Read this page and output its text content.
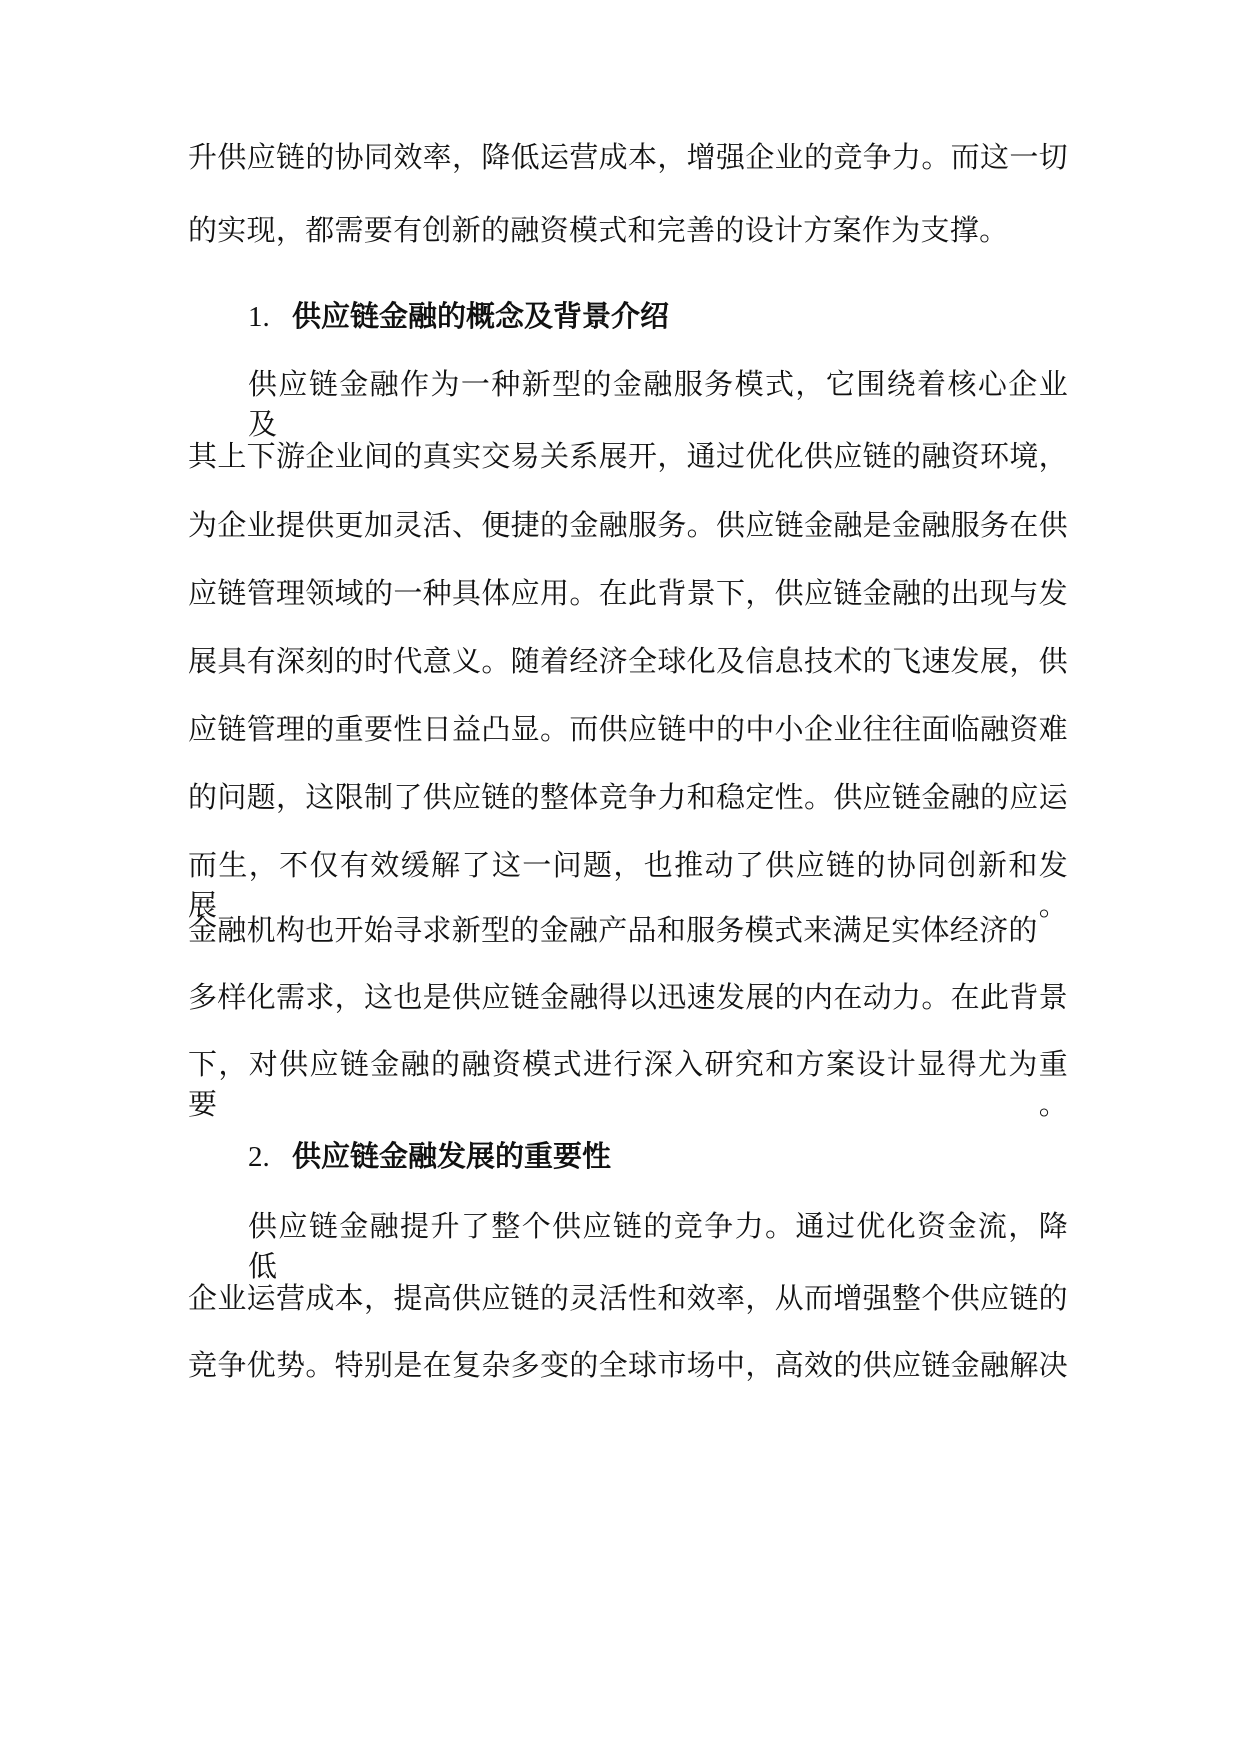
升供应链的协同效率，降低运营成本，增强企业的竞争力。而这一切
的实现，都需要有创新的融资模式和完善的设计方案作为支撑。
1. 供应链金融的概念及背景介绍
供应链金融作为一种新型的金融服务模式，它围绕着核心企业及
其上下游企业间的真实交易关系展开，通过优化供应链的融资环境，
为企业提供更加灵活、便捷的金融服务。供应链金融是金融服务在供
应链管理领域的一种具体应用。在此背景下，供应链金融的出现与发
展具有深刻的时代意义。随着经济全球化及信息技术的飞速发展，供
应链管理的重要性日益凸显。而供应链中的中小企业往往面临融资难
的问题，这限制了供应链的整体竞争力和稳定性。供应链金融的应运
而生，不仅有效缓解了这一问题，也推动了供应链的协同创新和发展。
金融机构也开始寻求新型的金融产品和服务模式来满足实体经济的
多样化需求，这也是供应链金融得以迅速发展的内在动力。在此背景
下，对供应链金融的融资模式进行深入研究和方案设计显得尤为重要。
2. 供应链金融发展的重要性
供应链金融提升了整个供应链的竞争力。通过优化资金流，降低
企业运营成本，提高供应链的灵活性和效率，从而增强整个供应链的
竞争优势。特别是在复杂多变的全球市场中，高效的供应链金融解决
